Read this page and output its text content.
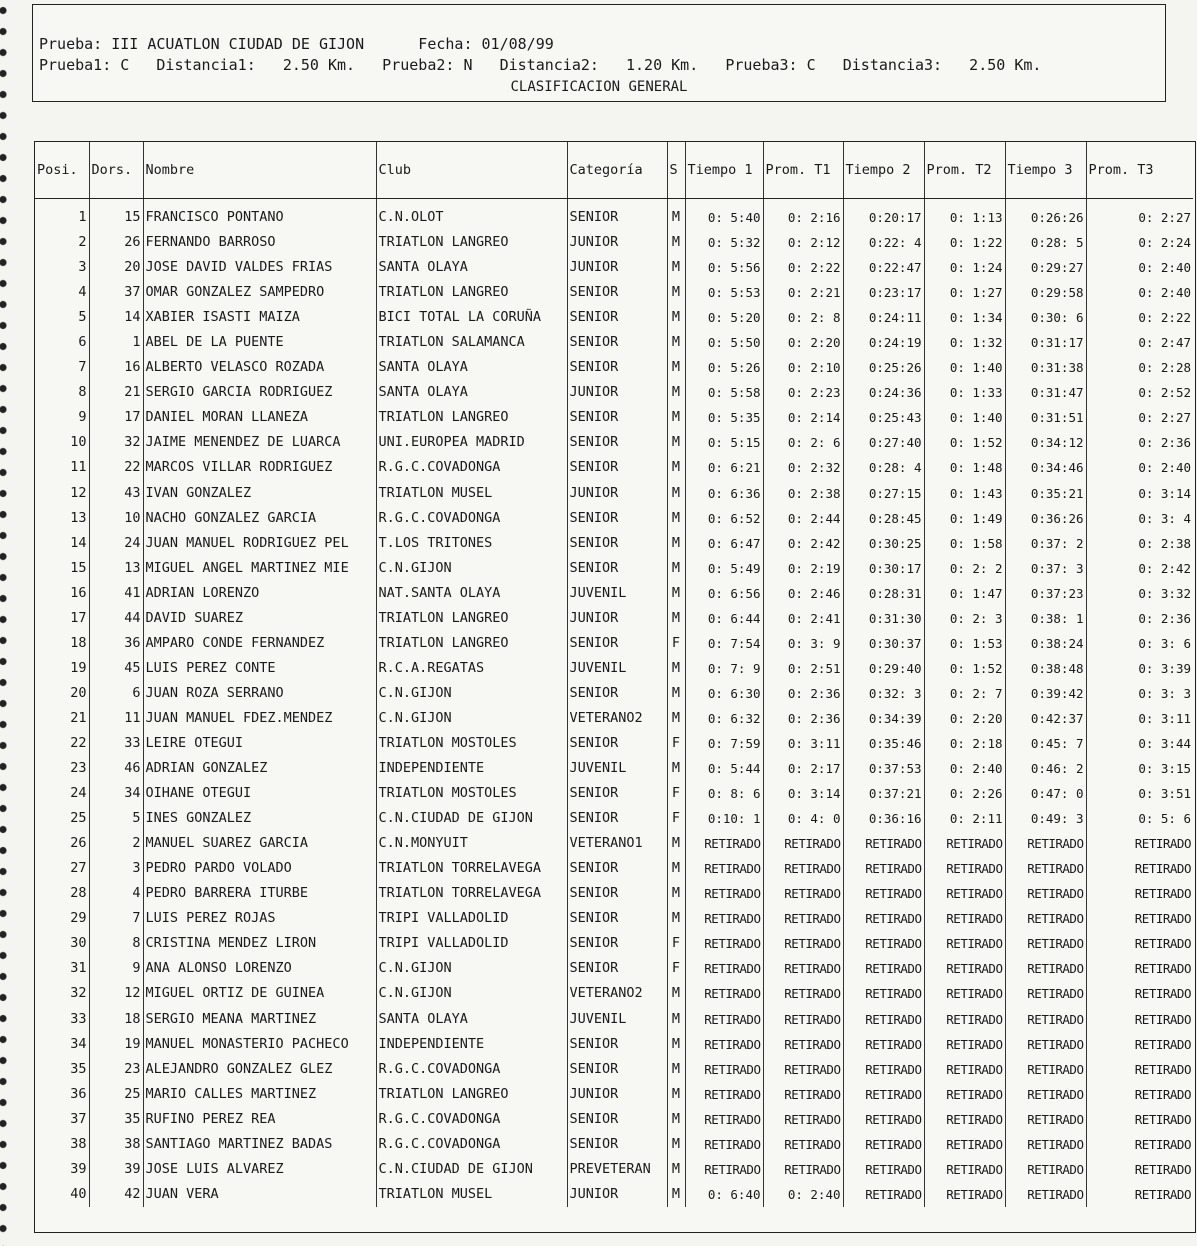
Prueba: III ACUATLON CIUDAD DE GIJON      Fecha: 01/08/99
Prueba1: C   Distancia1:   2.50 Km.   Prueba2: N   Distancia2:   1.20 Km.   Prueba3: C   Distancia3:   2.50 Km.
CLASIFICACION GENERAL
Posi.	Dors.	Nombre	Club	Categoría	S	Tiempo 1	Prom. T1	Tiempo 2	Prom. T2	Tiempo 3	Prom. T3
1	15	FRANCISCO PONTANO	C.N.OLOT	SENIOR	M	0: 5:40	0: 2:16	0:20:17	0: 1:13	0:26:26	0: 2:27
2	26	FERNANDO BARROSO	TRIATLON LANGREO	JUNIOR	M	0: 5:32	0: 2:12	0:22: 4	0: 1:22	0:28: 5	0: 2:24
3	20	JOSE DAVID VALDES FRIAS	SANTA OLAYA	JUNIOR	M	0: 5:56	0: 2:22	0:22:47	0: 1:24	0:29:27	0: 2:40
4	37	OMAR GONZALEZ SAMPEDRO	TRIATLON LANGREO	SENIOR	M	0: 5:53	0: 2:21	0:23:17	0: 1:27	0:29:58	0: 2:40
5	14	XABIER ISASTI MAIZA	BICI TOTAL LA CORUÑA	SENIOR	M	0: 5:20	0: 2: 8	0:24:11	0: 1:34	0:30: 6	0: 2:22
6	1	ABEL DE LA PUENTE	TRIATLON SALAMANCA	SENIOR	M	0: 5:50	0: 2:20	0:24:19	0: 1:32	0:31:17	0: 2:47
7	16	ALBERTO VELASCO ROZADA	SANTA OLAYA	SENIOR	M	0: 5:26	0: 2:10	0:25:26	0: 1:40	0:31:38	0: 2:28
8	21	SERGIO GARCIA RODRIGUEZ	SANTA OLAYA	JUNIOR	M	0: 5:58	0: 2:23	0:24:36	0: 1:33	0:31:47	0: 2:52
9	17	DANIEL MORAN LLANEZA	TRIATLON LANGREO	SENIOR	M	0: 5:35	0: 2:14	0:25:43	0: 1:40	0:31:51	0: 2:27
10	32	JAIME MENENDEZ DE LUARCA	UNI.EUROPEA MADRID	SENIOR	M	0: 5:15	0: 2: 6	0:27:40	0: 1:52	0:34:12	0: 2:36
11	22	MARCOS VILLAR RODRIGUEZ	R.G.C.COVADONGA	SENIOR	M	0: 6:21	0: 2:32	0:28: 4	0: 1:48	0:34:46	0: 2:40
12	43	IVAN GONZALEZ	TRIATLON MUSEL	JUNIOR	M	0: 6:36	0: 2:38	0:27:15	0: 1:43	0:35:21	0: 3:14
13	10	NACHO GONZALEZ GARCIA	R.G.C.COVADONGA	SENIOR	M	0: 6:52	0: 2:44	0:28:45	0: 1:49	0:36:26	0: 3: 4
14	24	JUAN MANUEL RODRIGUEZ PEL	T.LOS TRITONES	SENIOR	M	0: 6:47	0: 2:42	0:30:25	0: 1:58	0:37: 2	0: 2:38
15	13	MIGUEL ANGEL MARTINEZ MIE	C.N.GIJON	SENIOR	M	0: 5:49	0: 2:19	0:30:17	0: 2: 2	0:37: 3	0: 2:42
16	41	ADRIAN LORENZO	NAT.SANTA OLAYA	JUVENIL	M	0: 6:56	0: 2:46	0:28:31	0: 1:47	0:37:23	0: 3:32
17	44	DAVID SUAREZ	TRIATLON LANGREO	JUNIOR	M	0: 6:44	0: 2:41	0:31:30	0: 2: 3	0:38: 1	0: 2:36
18	36	AMPARO CONDE FERNANDEZ	TRIATLON LANGREO	SENIOR	F	0: 7:54	0: 3: 9	0:30:37	0: 1:53	0:38:24	0: 3: 6
19	45	LUIS PEREZ CONTE	R.C.A.REGATAS	JUVENIL	M	0: 7: 9	0: 2:51	0:29:40	0: 1:52	0:38:48	0: 3:39
20	6	JUAN ROZA SERRANO	C.N.GIJON	SENIOR	M	0: 6:30	0: 2:36	0:32: 3	0: 2: 7	0:39:42	0: 3: 3
21	11	JUAN MANUEL FDEZ.MENDEZ	C.N.GIJON	VETERANO2	M	0: 6:32	0: 2:36	0:34:39	0: 2:20	0:42:37	0: 3:11
22	33	LEIRE OTEGUI	TRIATLON MOSTOLES	SENIOR	F	0: 7:59	0: 3:11	0:35:46	0: 2:18	0:45: 7	0: 3:44
23	46	ADRIAN GONZALEZ	INDEPENDIENTE	JUVENIL	M	0: 5:44	0: 2:17	0:37:53	0: 2:40	0:46: 2	0: 3:15
24	34	OIHANE OTEGUI	TRIATLON MOSTOLES	SENIOR	F	0: 8: 6	0: 3:14	0:37:21	0: 2:26	0:47: 0	0: 3:51
25	5	INES GONZALEZ	C.N.CIUDAD DE GIJON	SENIOR	F	0:10: 1	0: 4: 0	0:36:16	0: 2:11	0:49: 3	0: 5: 6
26	2	MANUEL SUAREZ GARCIA	C.N.MONYUIT	VETERANO1	M	RETIRADO	RETIRADO	RETIRADO	RETIRADO	RETIRADO	RETIRADO
27	3	PEDRO PARDO VOLADO	TRIATLON TORRELAVEGA	SENIOR	M	RETIRADO	RETIRADO	RETIRADO	RETIRADO	RETIRADO	RETIRADO
28	4	PEDRO BARRERA ITURBE	TRIATLON TORRELAVEGA	SENIOR	M	RETIRADO	RETIRADO	RETIRADO	RETIRADO	RETIRADO	RETIRADO
29	7	LUIS PEREZ ROJAS	TRIPI VALLADOLID	SENIOR	M	RETIRADO	RETIRADO	RETIRADO	RETIRADO	RETIRADO	RETIRADO
30	8	CRISTINA MENDEZ LIRON	TRIPI VALLADOLID	SENIOR	F	RETIRADO	RETIRADO	RETIRADO	RETIRADO	RETIRADO	RETIRADO
31	9	ANA ALONSO LORENZO	C.N.GIJON	SENIOR	F	RETIRADO	RETIRADO	RETIRADO	RETIRADO	RETIRADO	RETIRADO
32	12	MIGUEL ORTIZ DE GUINEA	C.N.GIJON	VETERANO2	M	RETIRADO	RETIRADO	RETIRADO	RETIRADO	RETIRADO	RETIRADO
33	18	SERGIO MEANA MARTINEZ	SANTA OLAYA	JUVENIL	M	RETIRADO	RETIRADO	RETIRADO	RETIRADO	RETIRADO	RETIRADO
34	19	MANUEL MONASTERIO PACHECO	INDEPENDIENTE	SENIOR	M	RETIRADO	RETIRADO	RETIRADO	RETIRADO	RETIRADO	RETIRADO
35	23	ALEJANDRO GONZALEZ GLEZ	R.G.C.COVADONGA	SENIOR	M	RETIRADO	RETIRADO	RETIRADO	RETIRADO	RETIRADO	RETIRADO
36	25	MARIO CALLES MARTINEZ	TRIATLON LANGREO	JUNIOR	M	RETIRADO	RETIRADO	RETIRADO	RETIRADO	RETIRADO	RETIRADO
37	35	RUFINO PEREZ REA	R.G.C.COVADONGA	SENIOR	M	RETIRADO	RETIRADO	RETIRADO	RETIRADO	RETIRADO	RETIRADO
38	38	SANTIAGO MARTINEZ BADAS	R.G.C.COVADONGA	SENIOR	M	RETIRADO	RETIRADO	RETIRADO	RETIRADO	RETIRADO	RETIRADO
39	39	JOSE LUIS ALVAREZ	C.N.CIUDAD DE GIJON	PREVETERAN	M	RETIRADO	RETIRADO	RETIRADO	RETIRADO	RETIRADO	RETIRADO
40	42	JUAN VERA	TRIATLON MUSEL	JUNIOR	M	0: 6:40	0: 2:40	RETIRADO	RETIRADO	RETIRADO	RETIRADO
